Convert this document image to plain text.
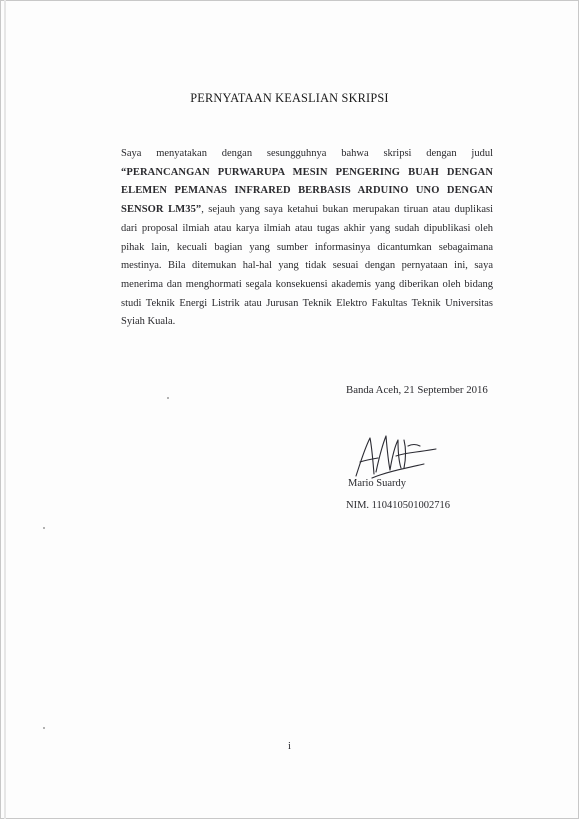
PERNYATAAN KEASLIAN SKRIPSI
Saya menyatakan dengan sesungguhnya bahwa skripsi dengan judul “PERANCANGAN PURWARUPA MESIN PENGERING BUAH DENGAN ELEMEN PEMANAS INFRARED BERBASIS ARDUINO UNO DENGAN SENSOR LM35”, sejauh yang saya ketahui bukan merupakan tiruan atau duplikasi dari proposal ilmiah atau karya ilmiah atau tugas akhir yang sudah dipublikasi oleh pihak lain, kecuali bagian yang sumber informasinya dicantumkan sebagaimana mestinya. Bila ditemukan hal-hal yang tidak sesuai dengan pernyataan ini, saya menerima dan menghormati segala konsekuensi akademis yang diberikan oleh bidang studi Teknik Energi Listrik atau Jurusan Teknik Elektro Fakultas Teknik Universitas Syiah Kuala.
Banda Aceh, 21 September 2016
Mario Suardy
NIM. 110410501002716
i
